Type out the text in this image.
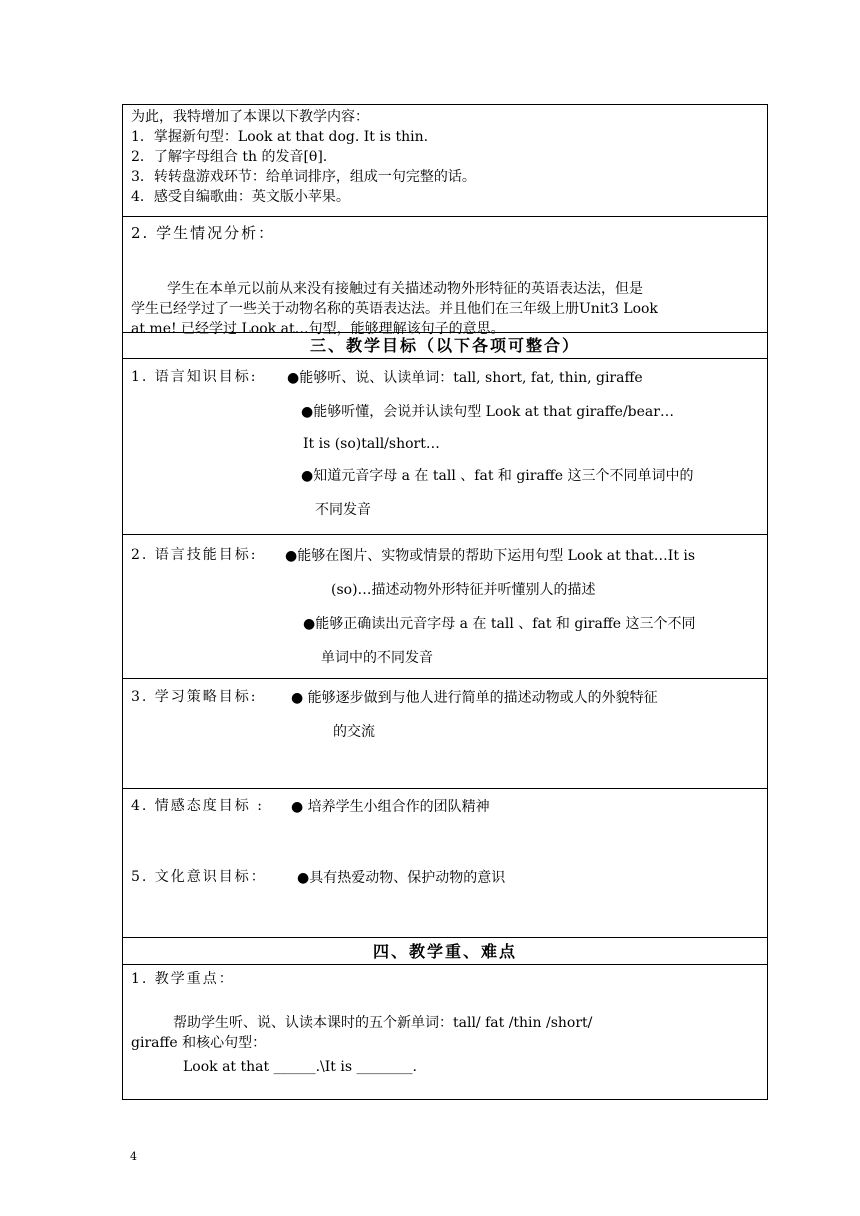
为此，我特增加了本课以下教学内容：
1．掌握新句型：Look at that dog. It is thin.
2．了解字母组合 th 的发音[θ].
3．转转盘游戏环节：给单词排序，组成一句完整的话。
4．感受自编歌曲：英文版小苹果。
2. 学生情况分析：
学生在本单元以前从来没有接触过有关描述动物外形特征的英语表达法，但是
学生已经学过了一些关于动物名称的英语表达法。并且他们在三年级上册Unit3 Look
at me! 已经学过 Look at…句型，能够理解该句子的意思。
三、教学目标（以下各项可整合）
1. 语言知识目标: ●能够听、说、认读单词：tall, short, fat, thin, giraffe
●能够听懂，会说并认读句型 Look at that giraffe/bear…
It is (so)tall/short…
●知道元音字母 a 在 tall 、fat 和 giraffe 这三个不同单词中的
不同发音
2. 语言技能目标: ●能够在图片、实物或情景的帮助下运用句型 Look at that…It is
(so)…描述动物外形特征并听懂别人的描述
●能够正确读出元音字母 a 在 tall 、fat 和 giraffe 这三个不同
单词中的不同发音
3. 学习策略目标: ● 能够逐步做到与他人进行简单的描述动物或人的外貌特征
的交流
4. 情感态度目标 : ● 培养学生小组合作的团队精神
5. 文化意识目标： ●具有热爱动物、保护动物的意识
四、教学重、难点
1. 教学重点：
帮助学生听、说、认读本课时的五个新单词：tall/ fat /thin /short/
giraffe 和核心句型：
Look at that ______.\It is ________.
4
